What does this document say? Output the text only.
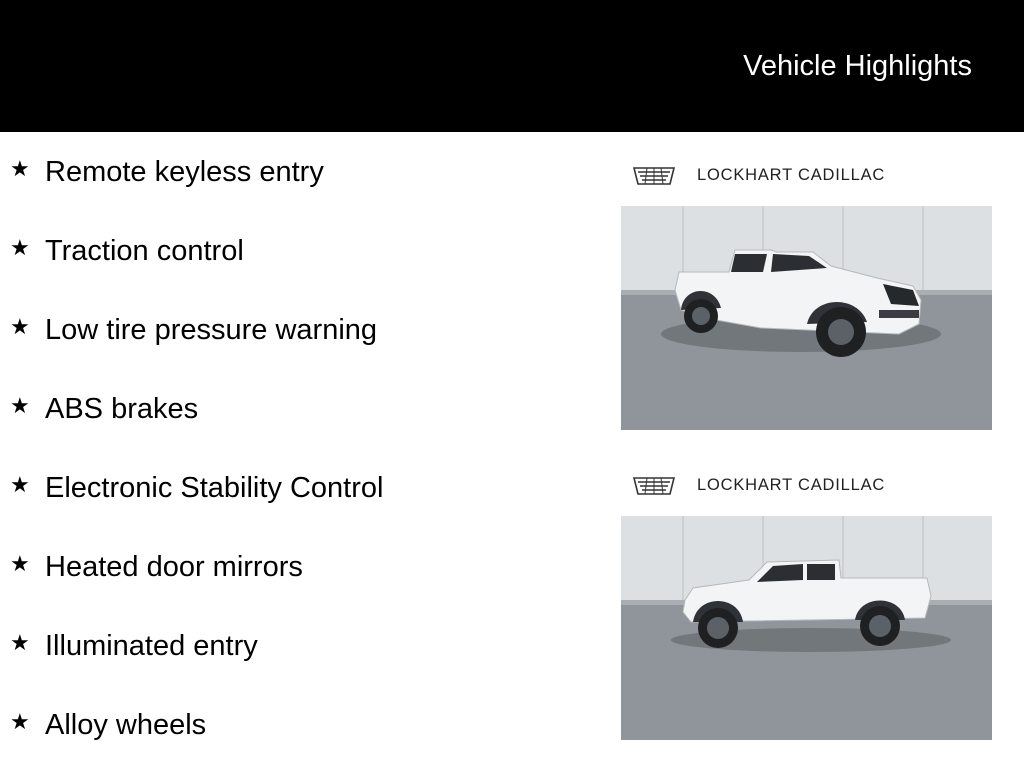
Vehicle Highlights
★ Remote keyless entry
★ Traction control
★ Low tire pressure warning
★ ABS brakes
★ Electronic Stability Control
★ Heated door mirrors
★ Illuminated entry
★ Alloy wheels
LOCKHART CADILLAC
LOCKHART CADILLAC
